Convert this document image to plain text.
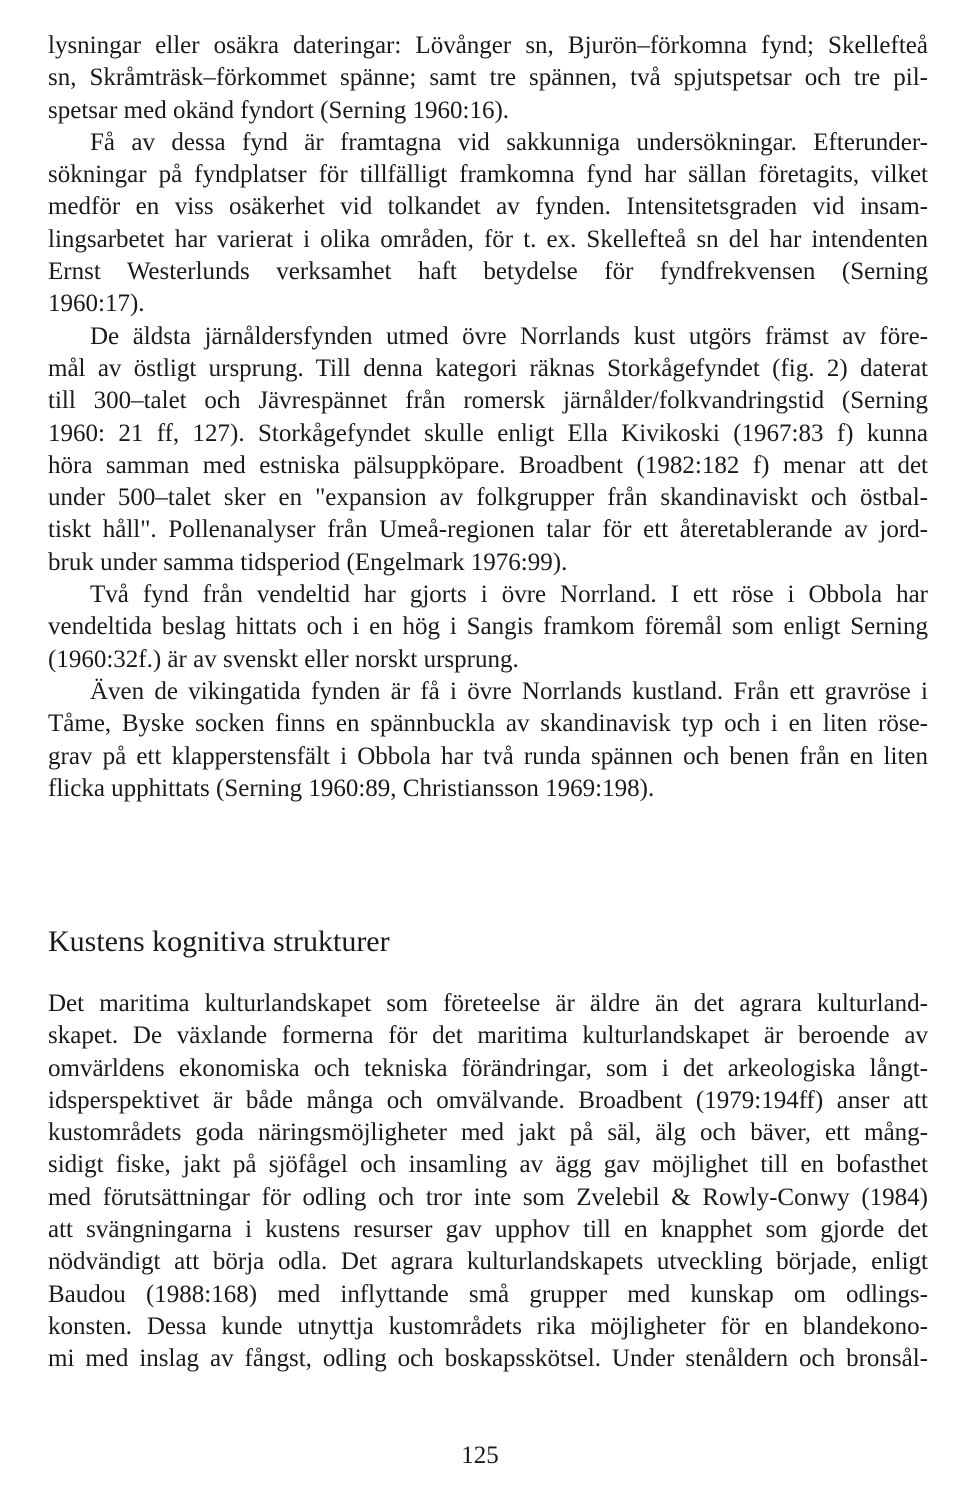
lysningar eller osäkra dateringar: Lövånger sn, Bjurön–förkomna fynd; Skellefteå
sn, Skråmträsk–förkommet spänne; samt tre spännen, två spjutspetsar och tre pil-
spetsar med okänd fyndort (Serning 1960:16).
Få av dessa fynd är framtagna vid sakkunniga undersökningar. Efterunder-
sökningar på fyndplatser för tillfälligt framkomna fynd har sällan företagits, vilket
medför en viss osäkerhet vid tolkandet av fynden. Intensitetsgraden vid insam-
lingsarbetet har varierat i olika områden, för t. ex. Skellefteå sn del har intendenten
Ernst Westerlunds verksamhet haft betydelse för fyndfrekvensen (Serning
1960:17).
De äldsta järnåldersfynden utmed övre Norrlands kust utgörs främst av före-
mål av östligt ursprung. Till denna kategori räknas Storkågefyndet (fig. 2) daterat
till 300–talet och Jävrespännet från romersk järnålder/folkvandringstid (Serning
1960: 21 ff, 127). Storkågefyndet skulle enligt Ella Kivikoski (1967:83 f) kunna
höra samman med estniska pälsuppköpare. Broadbent (1982:182 f) menar att det
under 500–talet sker en "expansion av folkgrupper från skandinaviskt och östbal-
tiskt håll". Pollenanalyser från Umeå-regionen talar för ett återetablerande av jord-
bruk under samma tidsperiod (Engelmark 1976:99).
Två fynd från vendeltid har gjorts i övre Norrland. I ett röse i Obbola har
vendeltida beslag hittats och i en hög i Sangis framkom föremål som enligt Serning
(1960:32f.) är av svenskt eller norskt ursprung.
Även de vikingatida fynden är få i övre Norrlands kustland. Från ett gravröse i
Tåme, Byske socken finns en spännbuckla av skandinavisk typ och i en liten röse-
grav på ett klapperstensfält i Obbola har två runda spännen och benen från en liten
flicka upphittats (Serning 1960:89, Christiansson 1969:198).
Kustens kognitiva strukturer
Det maritima kulturlandskapet som företeelse är äldre än det agrara kulturland-
skapet. De växlande formerna för det maritima kulturlandskapet är beroende av
omvärldens ekonomiska och tekniska förändringar, som i det arkeologiska långt-
idsperspektivet är både många och omvälvande. Broadbent (1979:194ff) anser att
kustområdets goda näringsmöjligheter med jakt på säl, älg och bäver, ett mång-
sidigt fiske, jakt på sjöfågel och insamling av ägg gav möjlighet till en bofasthet
med förutsättningar för odling och tror inte som Zvelebil & Rowly-Conwy (1984)
att svängningarna i kustens resurser gav upphov till en knapphet som gjorde det
nödvändigt att börja odla. Det agrara kulturlandskapets utveckling började, enligt
Baudou (1988:168) med inflyttande små grupper med kunskap om odlings-
konsten. Dessa kunde utnyttja kustområdets rika möjligheter för en blandekono-
mi med inslag av fångst, odling och boskapsskötsel. Under stenåldern och bronsål-
125
